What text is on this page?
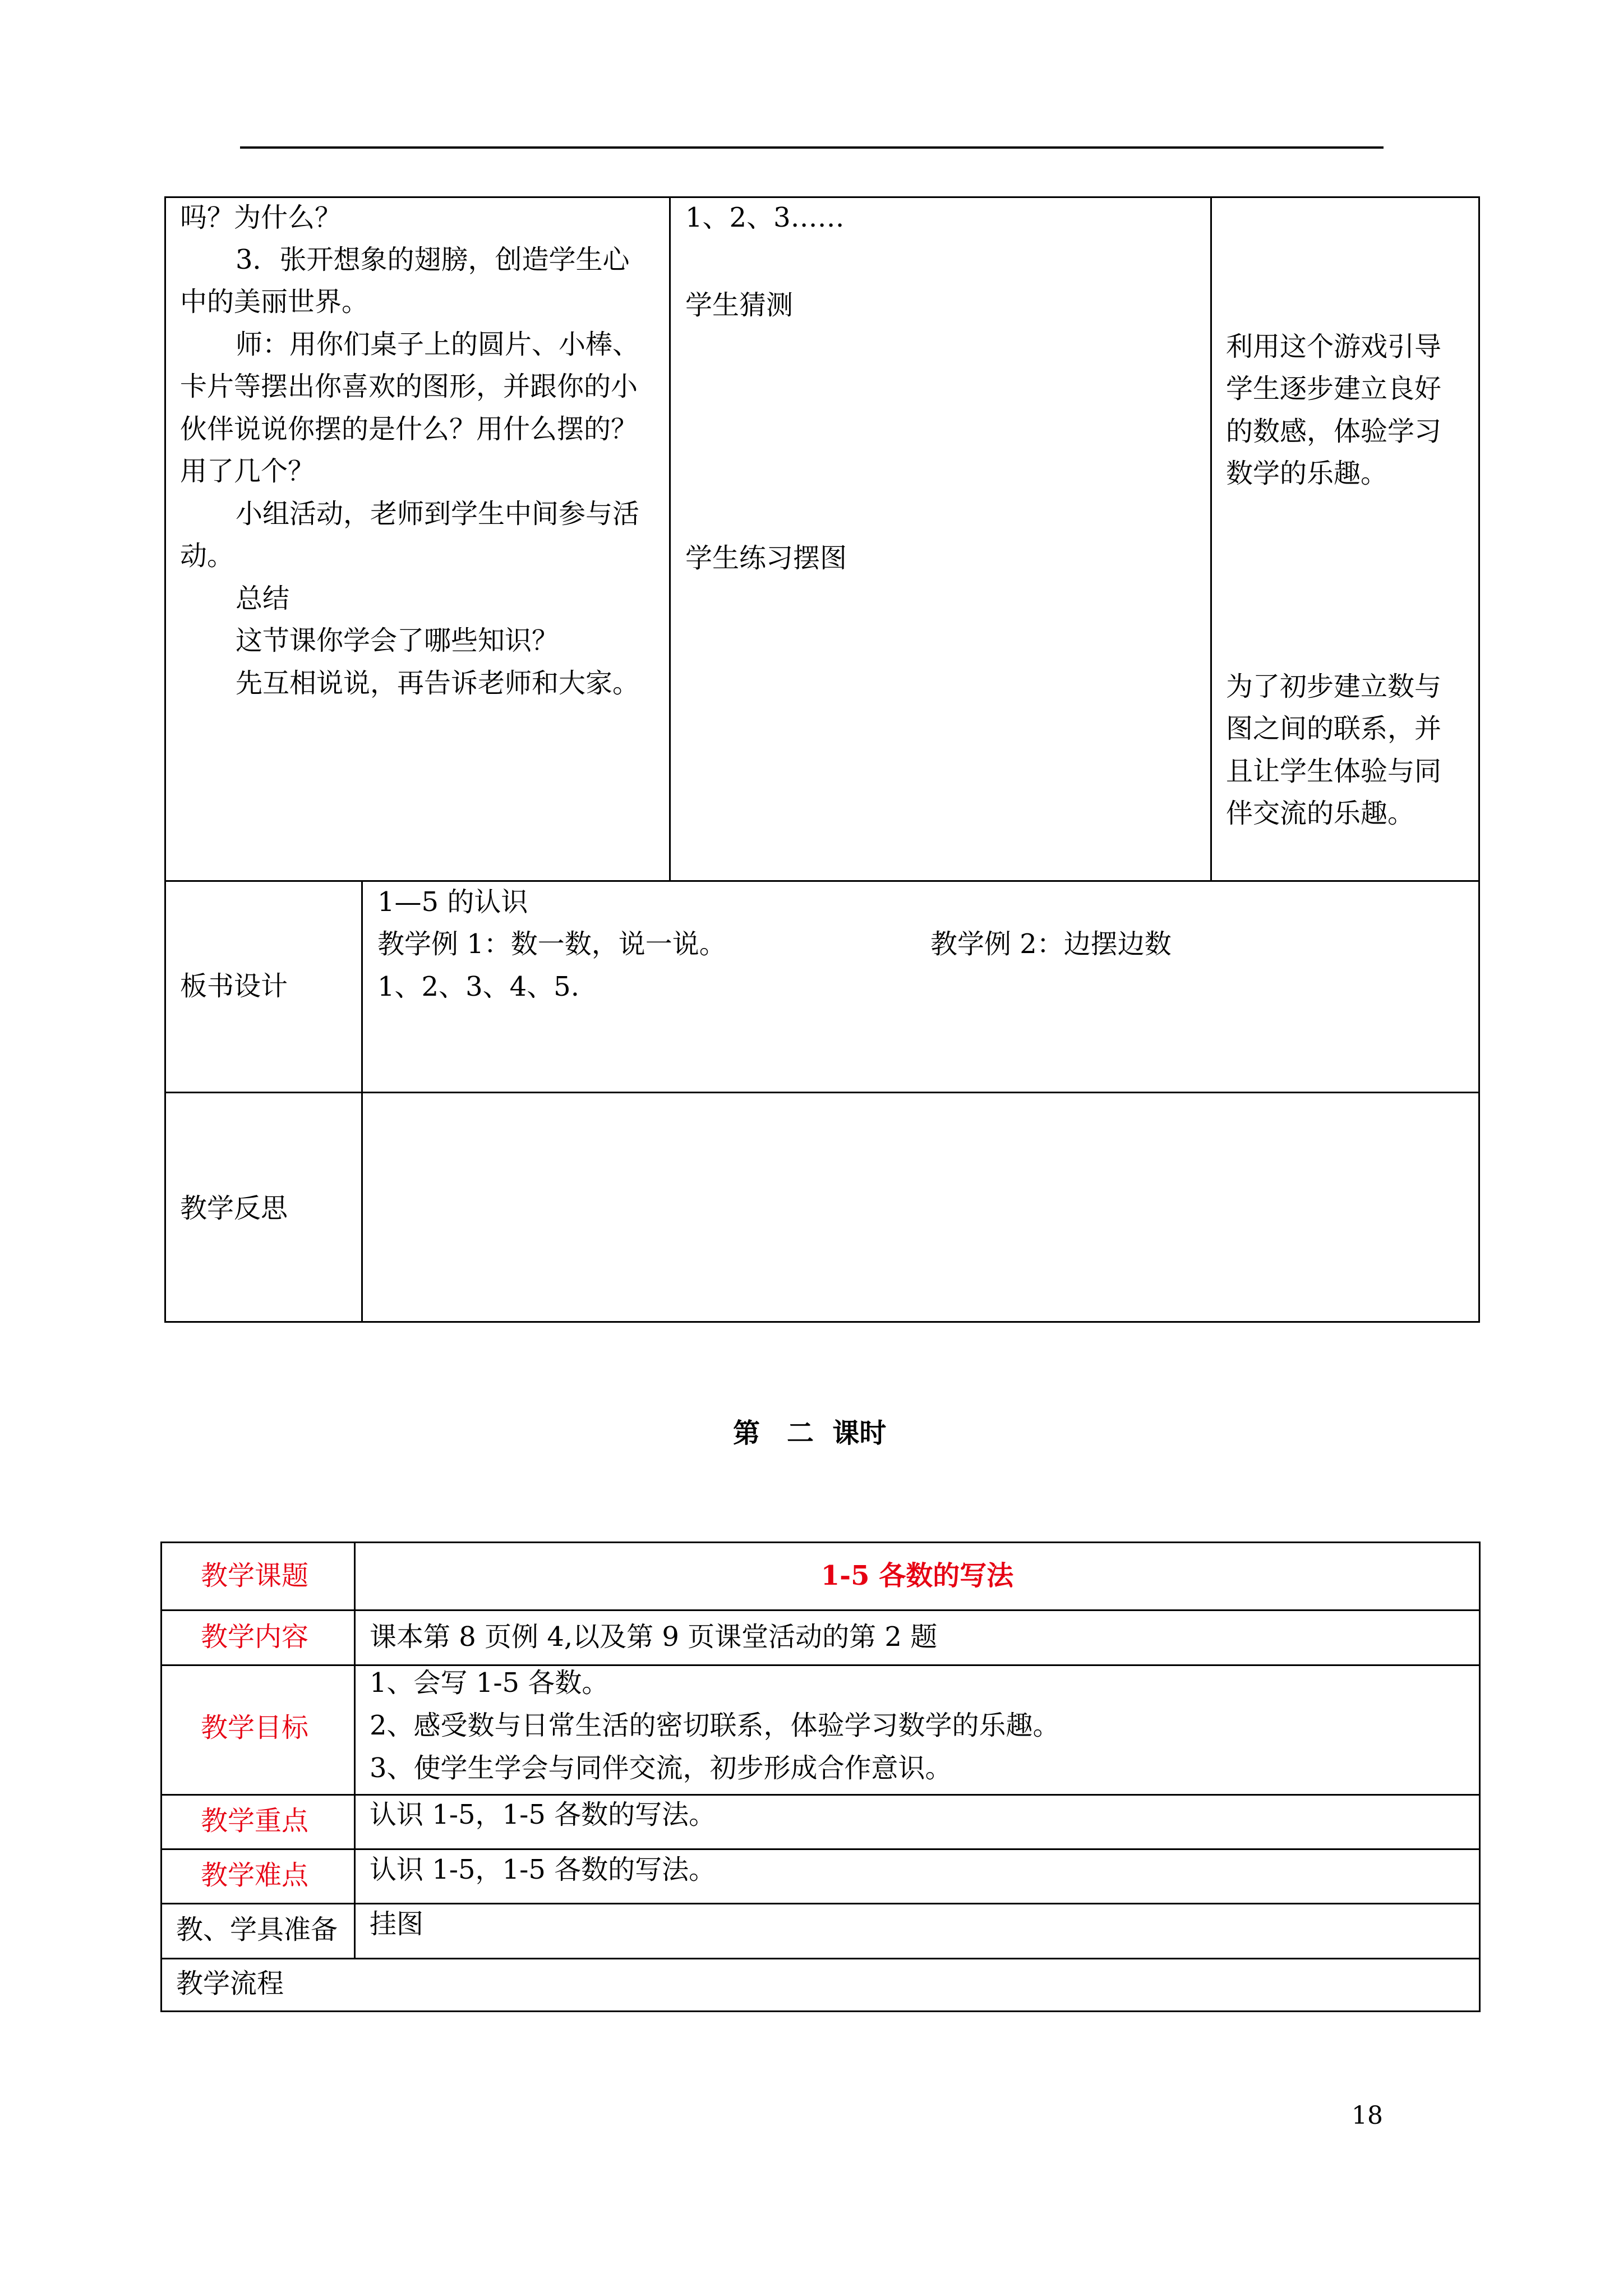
吗？为什么？
3．张开想象的翅膀，创造学生心
中的美丽世界。
师：用你们桌子上的圆片、小棒、
卡片等摆出你喜欢的图形，并跟你的小
伙伴说说你摆的是什么？用什么摆的？
用了几个？
小组活动，老师到学生中间参与活
动。
总结
这节课你学会了哪些知识？
先互相说说，再告诉老师和大家。
1、2、3……
学生猜测
学生练习摆图
利用这个游戏引导
学生逐步建立良好
的数感，体验学习
数学的乐趣。
为了初步建立数与
图之间的联系，并
且让学生体验与同
伴交流的乐趣。
板书设计
1—5 的认识
教学例 1：数一数，说一说。	教学例 2：边摆边数
1、2、3、4、5.
教学反思
第　二  课时
教学课题	1-5 各数的写法
教学内容 课本第 8 页例 4,以及第 9 页课堂活动的第 2 题
教学目标
1、会写 1-5 各数。
2、感受数与日常生活的密切联系，体验学习数学的乐趣。
3、使学生学会与同伴交流，初步形成合作意识。
教学重点 认识 1-5，1-5 各数的写法。
教学难点 认识 1-5，1-5 各数的写法。
教、学具准备 挂图
教学流程
18
